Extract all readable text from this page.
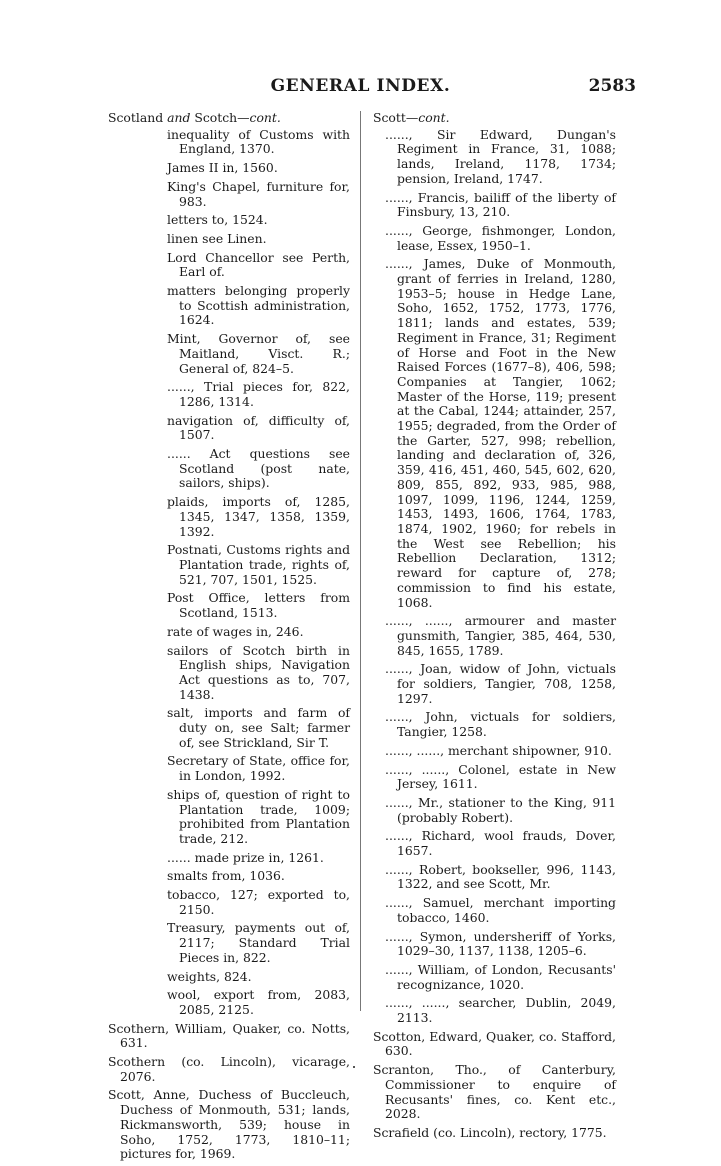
GENERAL INDEX.	2583
Scotland and Scotch—cont.
inequality of Customs with England, 1370.
James II in, 1560.
King's Chapel, furniture for, 983.
letters to, 1524.
linen see Linen.
Lord Chancellor see Perth, Earl of.
matters belonging properly to Scottish administration, 1624.
Mint, Governor of, see Maitland, Visct. R.; General of, 824–5.
......, Trial pieces for, 822, 1286, 1314.
navigation of, difficulty of, 1507.
...... Act questions see Scotland (post nate, sailors, ships).
plaids, imports of, 1285, 1345, 1347, 1358, 1359, 1392.
Postnati, Customs rights and Plantation trade, rights of, 521, 707, 1501, 1525.
Post Office, letters from Scotland, 1513.
rate of wages in, 246.
sailors of Scotch birth in English ships, Navigation Act questions as to, 707, 1438.
salt, imports and farm of duty on, see Salt; farmer of, see Strickland, Sir T.
Secretary of State, office for, in London, 1992.
ships of, question of right to Plantation trade, 1009; prohibited from Plantation trade, 212.
...... made prize in, 1261.
smalts from, 1036.
tobacco, 127; exported to, 2150.
Treasury, payments out of, 2117; Standard Trial Pieces in, 822.
weights, 824.
wool, export from, 2083, 2085, 2125.
Scothern, William, Quaker, co. Notts, 631.
Scothern (co. Lincoln), vicarage, 2076.
Scott, Anne, Duchess of Buccleuch, Duchess of Monmouth, 531; lands, Rickmansworth, 539; house in Soho, 1752, 1773, 1810–11; pictures for, 1969.
Scott—cont.
......, Sir Edward, Dungan's Regiment in France, 31, 1088; lands, Ireland, 1178, 1734; pension, Ireland, 1747.
......, Francis, bailiff of the liberty of Finsbury, 13, 210.
......, George, fishmonger, London, lease, Essex, 1950–1.
......, James, Duke of Monmouth, grant of ferries in Ireland, 1280, 1953–5; house in Hedge Lane, Soho, 1652, 1752, 1773, 1776, 1811; lands and estates, 539; Regiment in France, 31; Regiment of Horse and Foot in the New Raised Forces (1677–8), 406, 598; Companies at Tangier, 1062; Master of the Horse, 119; present at the Cabal, 1244; attainder, 257, 1955; degraded, from the Order of the Garter, 527, 998; rebellion, landing and declaration of, 326, 359, 416, 451, 460, 545, 602, 620, 809, 855, 892, 933, 985, 988, 1097, 1099, 1196, 1244, 1259, 1453, 1493, 1606, 1764, 1783, 1874, 1902, 1960; for rebels in the West see Rebellion; his Rebellion Declaration, 1312; reward for capture of, 278; commission to find his estate, 1068.
......, ......, armourer and master gunsmith, Tangier, 385, 464, 530, 845, 1655, 1789.
......, Joan, widow of John, victuals for soldiers, Tangier, 708, 1258, 1297.
......, John, victuals for soldiers, Tangier, 1258.
......, ......, merchant shipowner, 910.
......, ......, Colonel, estate in New Jersey, 1611.
......, Mr., stationer to the King, 911 (probably Robert).
......, Richard, wool frauds, Dover, 1657.
......, Robert, bookseller, 996, 1143, 1322, and see Scott, Mr.
......, Samuel, merchant importing tobacco, 1460.
......, Symon, undersheriff of Yorks, 1029–30, 1137, 1138, 1205–6.
......, William, of London, Recusants' recognizance, 1020.
......, ......, searcher, Dublin, 2049, 2113.
Scotton, Edward, Quaker, co. Stafford, 630.
Scranton, Tho., of Canterbury, Commissioner to enquire of Recusants' fines, co. Kent etc., 2028.
Scrafield (co. Lincoln), rectory, 1775.
